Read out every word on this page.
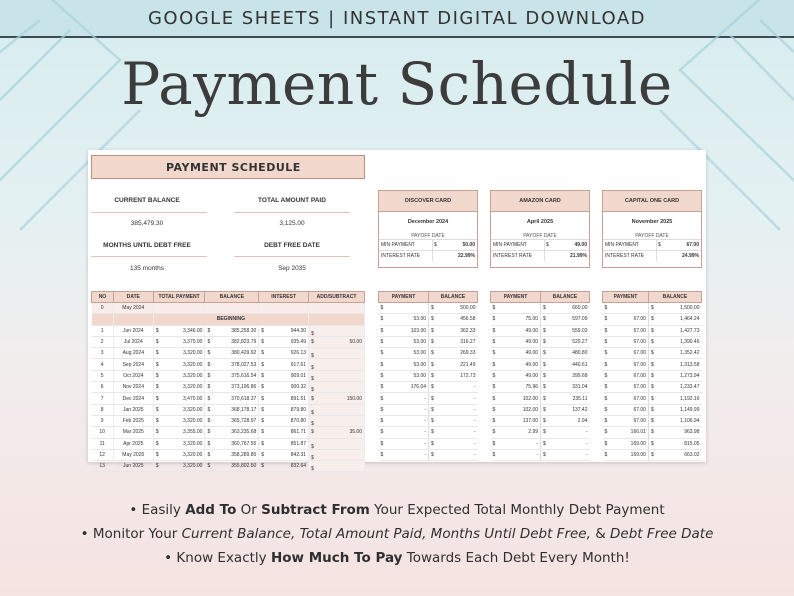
GOOGLE SHEETS | INSTANT DIGITAL DOWNLOAD
Payment Schedule
PAYMENT SCHEDULE
CURRENT BALANCE	TOTAL AMOUNT PAID
385,479.30	3,125.00
MONTHS UNTIL DEBT FREE	DEBT FREE DATE
135 months	Sep 2035
NO	DATE	TOTAL PAYMENT	BALANCE	INTEREST	ADD/SUBTRACT
0	May 2024				
		BEGINNING			
1	Jun 2024	$ 3,346.00	$ 385,258.30	$ 944.30	$

2	Jul 2024	$ 3,370.00	$ 382,823.79	$ 935.49	$ 50.00
3	Aug 2024	$ 3,320.00	$ 380,429.92	$ 926.13	$

4	Sep 2024	$ 3,320.00	$ 378,027.53	$ 917.61	$

5	Oct 2024	$ 3,320.00	$ 375,616.54	$ 909.01	$

6	Nov 2024	$ 3,320.00	$ 373,196.86	$ 900.32	$

7	Dec 2024	$ 3,470.00	$ 370,618.37	$ 891.51	$ 150.00
8	Jan 2025	$ 3,320.00	$ 368,178.17	$ 879.80	$

9	Feb 2025	$ 3,320.00	$ 365,728.97	$ 870.80	$

10	Mar 2025	$ 3,355.00	$ 363,235.68	$ 861.71	$ 35.00
11	Apr 2025	$ 3,320.00	$ 360,767.55	$ 851.87	$

12	May 2025	$ 3,320.00	$ 358,289.86	$ 842.31	$

13	Jun 2025	$ 3,320.00	$ 355,802.50	$ 832.64	$
DISCOVER CARD
December 2024
PAYOFF DATE
MIN PAYMENT	$	50.00
INTEREST RATE	22.99%
PAYMENT		BALANCE	
$		$	500.00
$	53.00	$	456.58
$	103.00	$	362.33
$	53.00	$	316.27
$	53.00	$	269.33
$	53.00	$	221.49
$	53.00	$	172.73
$	176.04	$	-
$	-	$	-
$	-	$	-
$	-	$	-
$	-	$	-
$	-	$	-
$	-	$	-
AMAZON CARD
April 2025
PAYOFF DATE
MIN PAYMENT	$	49.00
INTEREST RATE	21.99%
PAYMENT		BALANCE	
$		$	660.00
$	75.00	$	597.09
$	49.00	$	559.03
$	49.00	$	520.27
$	49.00	$	480.80
$	49.00	$	440.61
$	49.00	$	399.68
$	75.96	$	331.04
$	102.00	$	235.11
$	102.00	$	137.42
$	137.00	$	2.94
$	2.99	$	-
$	-	$	-
$	-	$	-
CAPITAL ONE CARD
November 2025
PAYOFF DATE
MIN PAYMENT	$	67.00
INTEREST RATE	24.99%
PAYMENT		BALANCE	
$		$	1,500.00
$	67.00	$	1,464.24
$	67.00	$	1,427.73
$	67.00	$	1,390.46
$	67.00	$	1,352.42
$	67.00	$	1,313.58
$	67.00	$	1,273.94
$	67.00	$	1,233.47
$	67.00	$	1,192.16
$	67.00	$	1,149.99
$	67.00	$	1,106.94
$	166.01	$	963.98
$	169.00	$	815.05
$	169.00	$	663.02
• Easily Add To Or Subtract From Your Expected Total Monthly Debt Payment
• Monitor Your Current Balance, Total Amount Paid, Months Until Debt Free, & Debt Free Date
• Know Exactly How Much To Pay Towards Each Debt Every Month!
